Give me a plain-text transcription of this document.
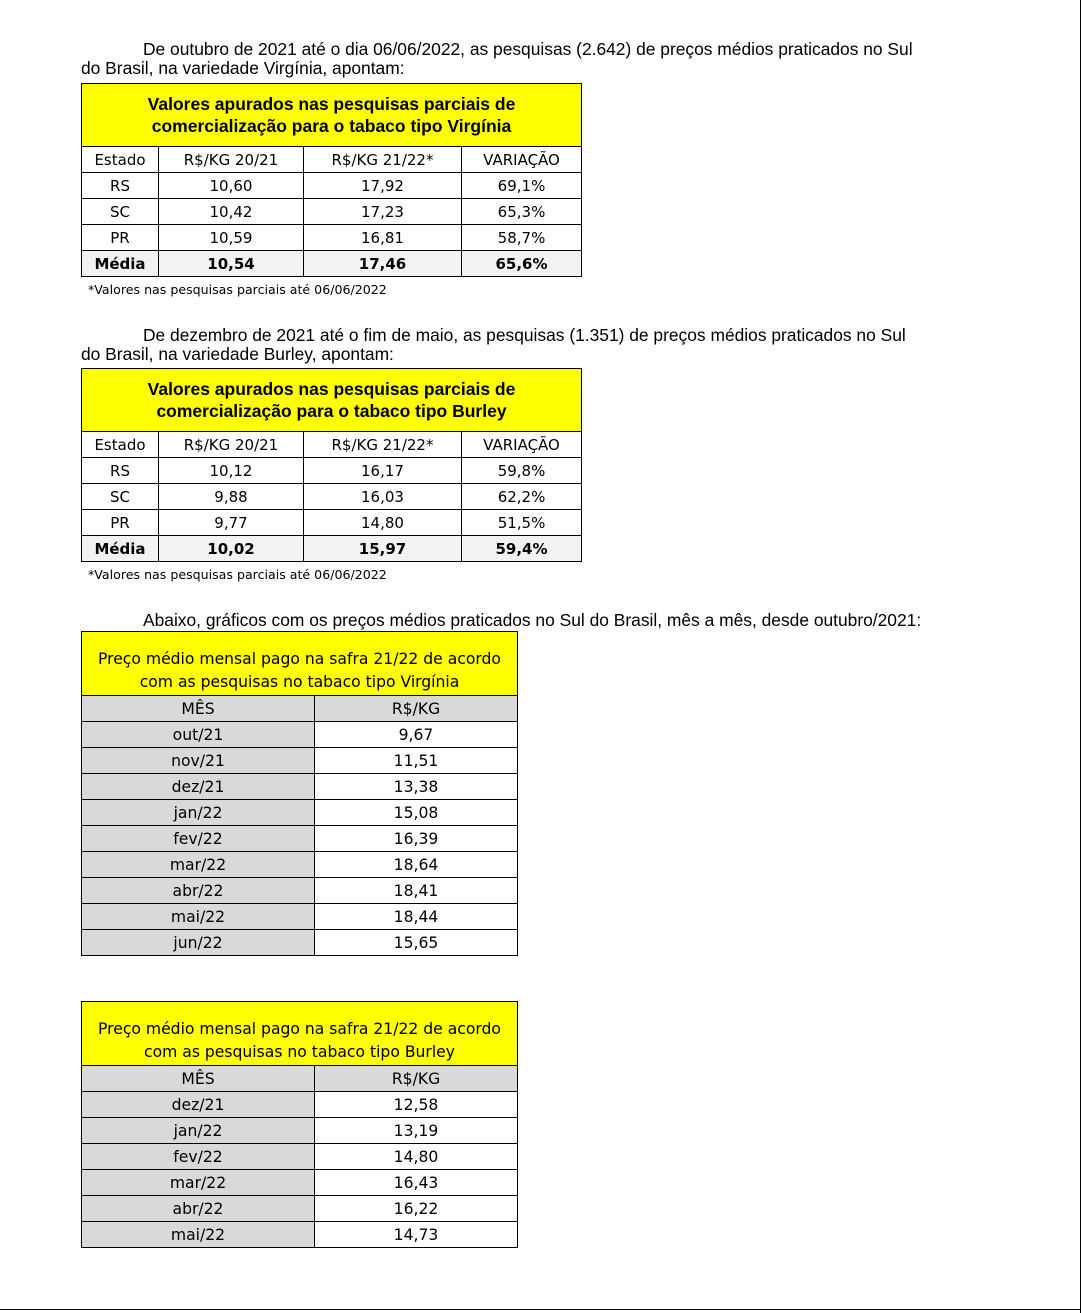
De outubro de 2021 até o dia 06/06/2022, as pesquisas (2.642) de preços médios praticados no Sul
do Brasil, na variedade Virgínia, apontam:
Valores apurados nas pesquisas parciais de comercialização para o tabaco tipo Virgínia			
Estado	R$/KG 20/21	R$/KG 21/22*	VARIAÇÃO
RS	10,60	17,92	69,1%
SC	10,42	17,23	65,3%
PR	10,59	16,81	58,7%
Média	10,54	17,46	65,6%
*Valores nas pesquisas parciais até 06/06/2022
De dezembro de 2021 até o fim de maio, as pesquisas (1.351) de preços médios praticados no Sul
do Brasil, na variedade Burley, apontam:
Valores apurados nas pesquisas parciais de comercialização para o tabaco tipo Burley			
Estado	R$/KG 20/21	R$/KG 21/22*	VARIAÇÃO
RS	10,12	16,17	59,8%
SC	9,88	16,03	62,2%
PR	9,77	14,80	51,5%
Média	10,02	15,97	59,4%
*Valores nas pesquisas parciais até 06/06/2022
Abaixo, gráficos com os preços médios praticados no Sul do Brasil, mês a mês, desde outubro/2021:
Preço médio mensal pago na safra 21/22 de acordo com as pesquisas no tabaco tipo Virgínia	
MÊS	R$/KG
out/21	9,67
nov/21	11,51
dez/21	13,38
jan/22	15,08
fev/22	16,39
mar/22	18,64
abr/22	18,41
mai/22	18,44
jun/22	15,65
Preço médio mensal pago na safra 21/22 de acordo com as pesquisas no tabaco tipo Burley	
MÊS	R$/KG
dez/21	12,58
jan/22	13,19
fev/22	14,80
mar/22	16,43
abr/22	16,22
mai/22	14,73
